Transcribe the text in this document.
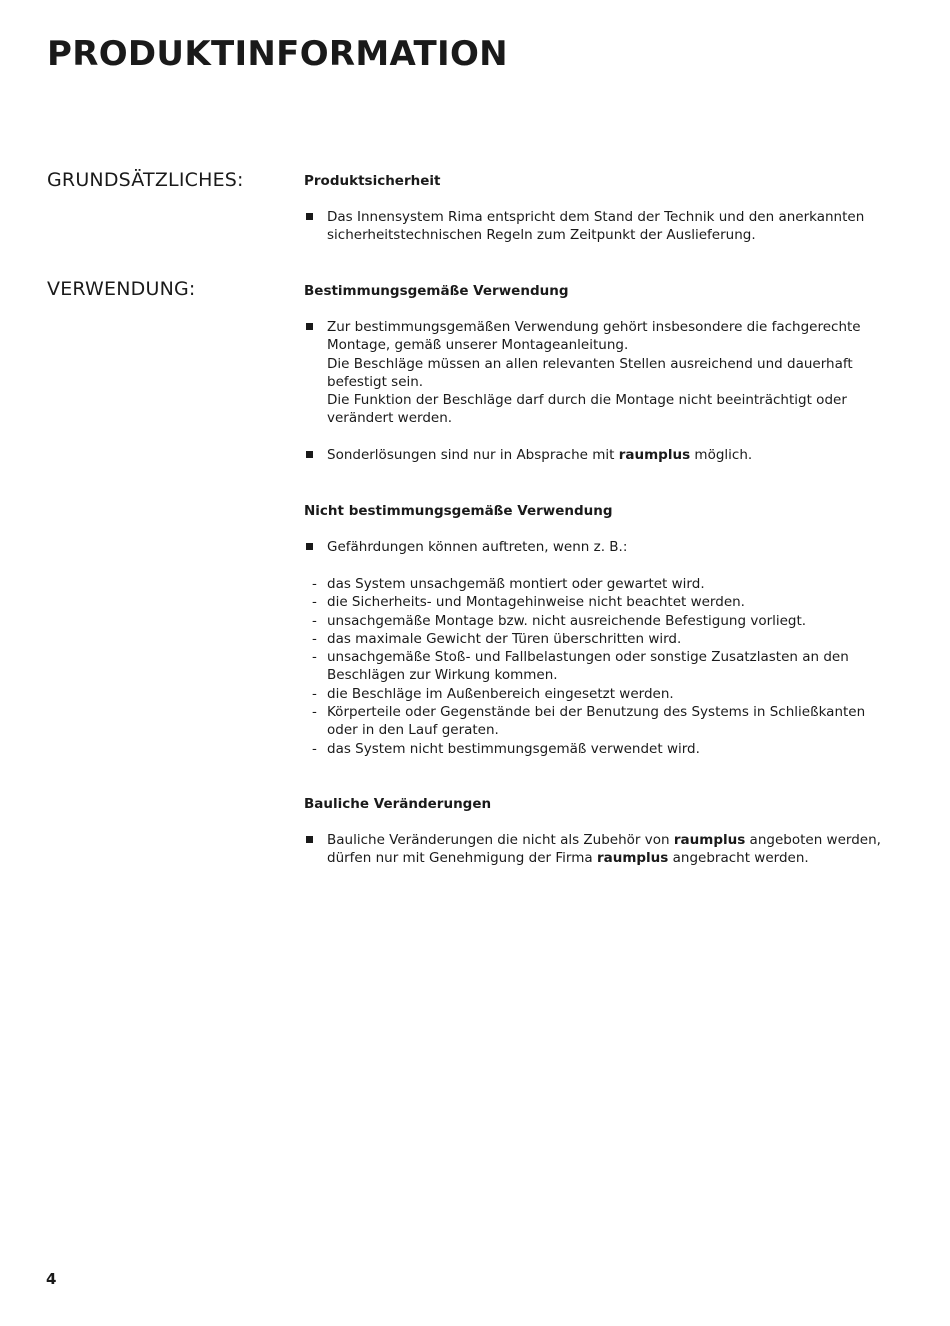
PRODUKTINFORMATION
GRUNDSÄTZLICHES:	Produktsicherheit
Das Innensystem Rima entspricht dem Stand der Technik und den anerkannten
sicherheitstechnischen Regeln zum Zeitpunkt der Auslieferung.
VERWENDUNG:	Bestimmungsgemäße Verwendung
Zur bestimmungsgemäßen Verwendung gehört insbesondere die fachgerechte
Montage, gemäß unserer Montageanleitung.
Die Beschläge müssen an allen relevanten Stellen ausreichend und dauerhaft
befestigt sein.
Die Funktion der Beschläge darf durch die Montage nicht beeinträchtigt oder
verändert werden.
Sonderlösungen sind nur in Absprache mit raumplus möglich.
Nicht bestimmungsgemäße Verwendung
Gefährdungen können auftreten, wenn z. B.:
- das System unsachgemäß montiert oder gewartet wird.
- die Sicherheits- und Montagehinweise nicht beachtet werden.
- unsachgemäße Montage bzw. nicht ausreichende Befestigung vorliegt.
- das maximale Gewicht der Türen überschritten wird.
- unsachgemäße Stoß- und Fallbelastungen oder sonstige Zusatzlasten an den
Beschlägen zur Wirkung kommen.
- die Beschläge im Außenbereich eingesetzt werden.
- Körperteile oder Gegenstände bei der Benutzung des Systems in Schließkanten
oder in den Lauf geraten.
- das System nicht bestimmungsgemäß verwendet wird.
Bauliche Veränderungen
Bauliche Veränderungen die nicht als Zubehör von raumplus angeboten werden,
dürfen nur mit Genehmigung der Firma raumplus angebracht werden.
4
